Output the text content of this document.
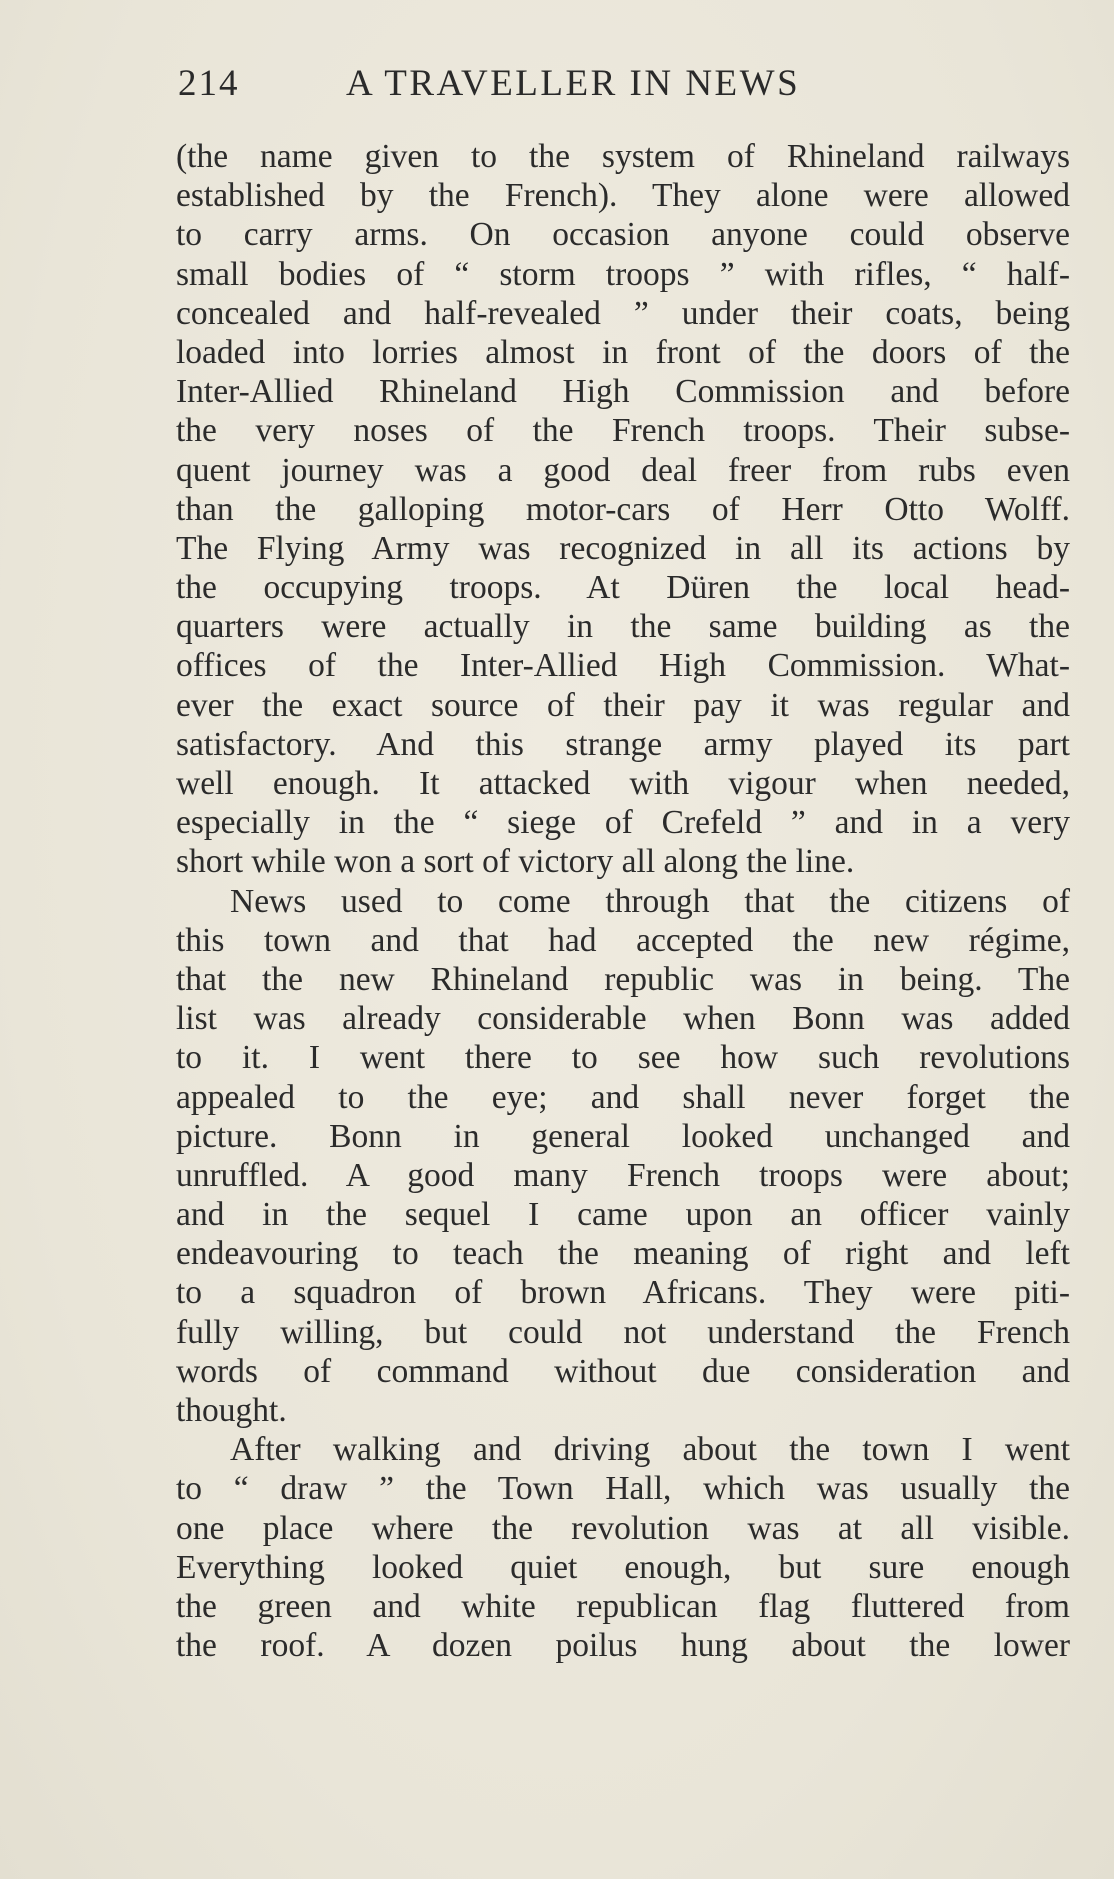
214	A TRAVELLER IN NEWS
(the name given to the system of Rhineland railways
established by the French). They alone were allowed
to carry arms. On occasion anyone could observe
small bodies of “ storm troops ” with rifles, “ half-
concealed and half-revealed ” under their coats, being
loaded into lorries almost in front of the doors of the
Inter-Allied Rhineland High Commission and before
the very noses of the French troops. Their subse-
quent journey was a good deal freer from rubs even
than the galloping motor-cars of Herr Otto Wolff.
The Flying Army was recognized in all its actions by
the occupying troops. At Düren the local head-
quarters were actually in the same building as the
offices of the Inter-Allied High Commission. What-
ever the exact source of their pay it was regular and
satisfactory. And this strange army played its part
well enough. It attacked with vigour when needed,
especially in the “ siege of Crefeld ” and in a very
short while won a sort of victory all along the line.
News used to come through that the citizens of
this town and that had accepted the new régime,
that the new Rhineland republic was in being. The
list was already considerable when Bonn was added
to it. I went there to see how such revolutions
appealed to the eye; and shall never forget the
picture. Bonn in general looked unchanged and
unruffled. A good many French troops were about;
and in the sequel I came upon an officer vainly
endeavouring to teach the meaning of right and left
to a squadron of brown Africans. They were piti-
fully willing, but could not understand the French
words of command without due consideration and
thought.
After walking and driving about the town I went
to “ draw ” the Town Hall, which was usually the
one place where the revolution was at all visible.
Everything looked quiet enough, but sure enough
the green and white republican flag fluttered from
the roof. A dozen poilus hung about the lower
